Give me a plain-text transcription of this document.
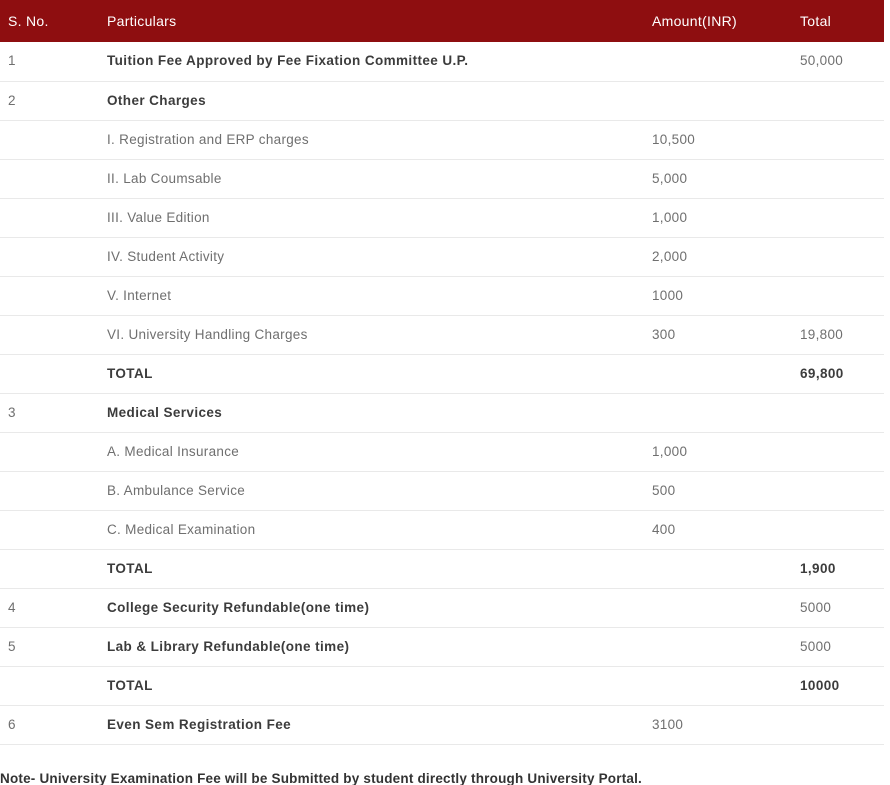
S. No.	Particulars	Amount(INR)	Total
1	Tuition Fee Approved by Fee Fixation Committee U.P.		50,000
2	Other Charges		
	I. Registration and ERP charges	10,500	
	II. Lab Coumsable	5,000	
	III. Value Edition	1,000	
	IV. Student Activity	2,000	
	V. Internet	1000	
	VI. University Handling Charges	300	19,800
	TOTAL		69,800
3	Medical Services		
	A. Medical Insurance	1,000	
	B. Ambulance Service	500	
	C. Medical Examination	400	
	TOTAL		1,900
4	College Security Refundable(one time)		5000
5	Lab & Library Refundable(one time)		5000
	TOTAL		10000
6	Even Sem Registration Fee	3100	

Note- University Examination Fee will be Submitted by student directly through University Portal.
